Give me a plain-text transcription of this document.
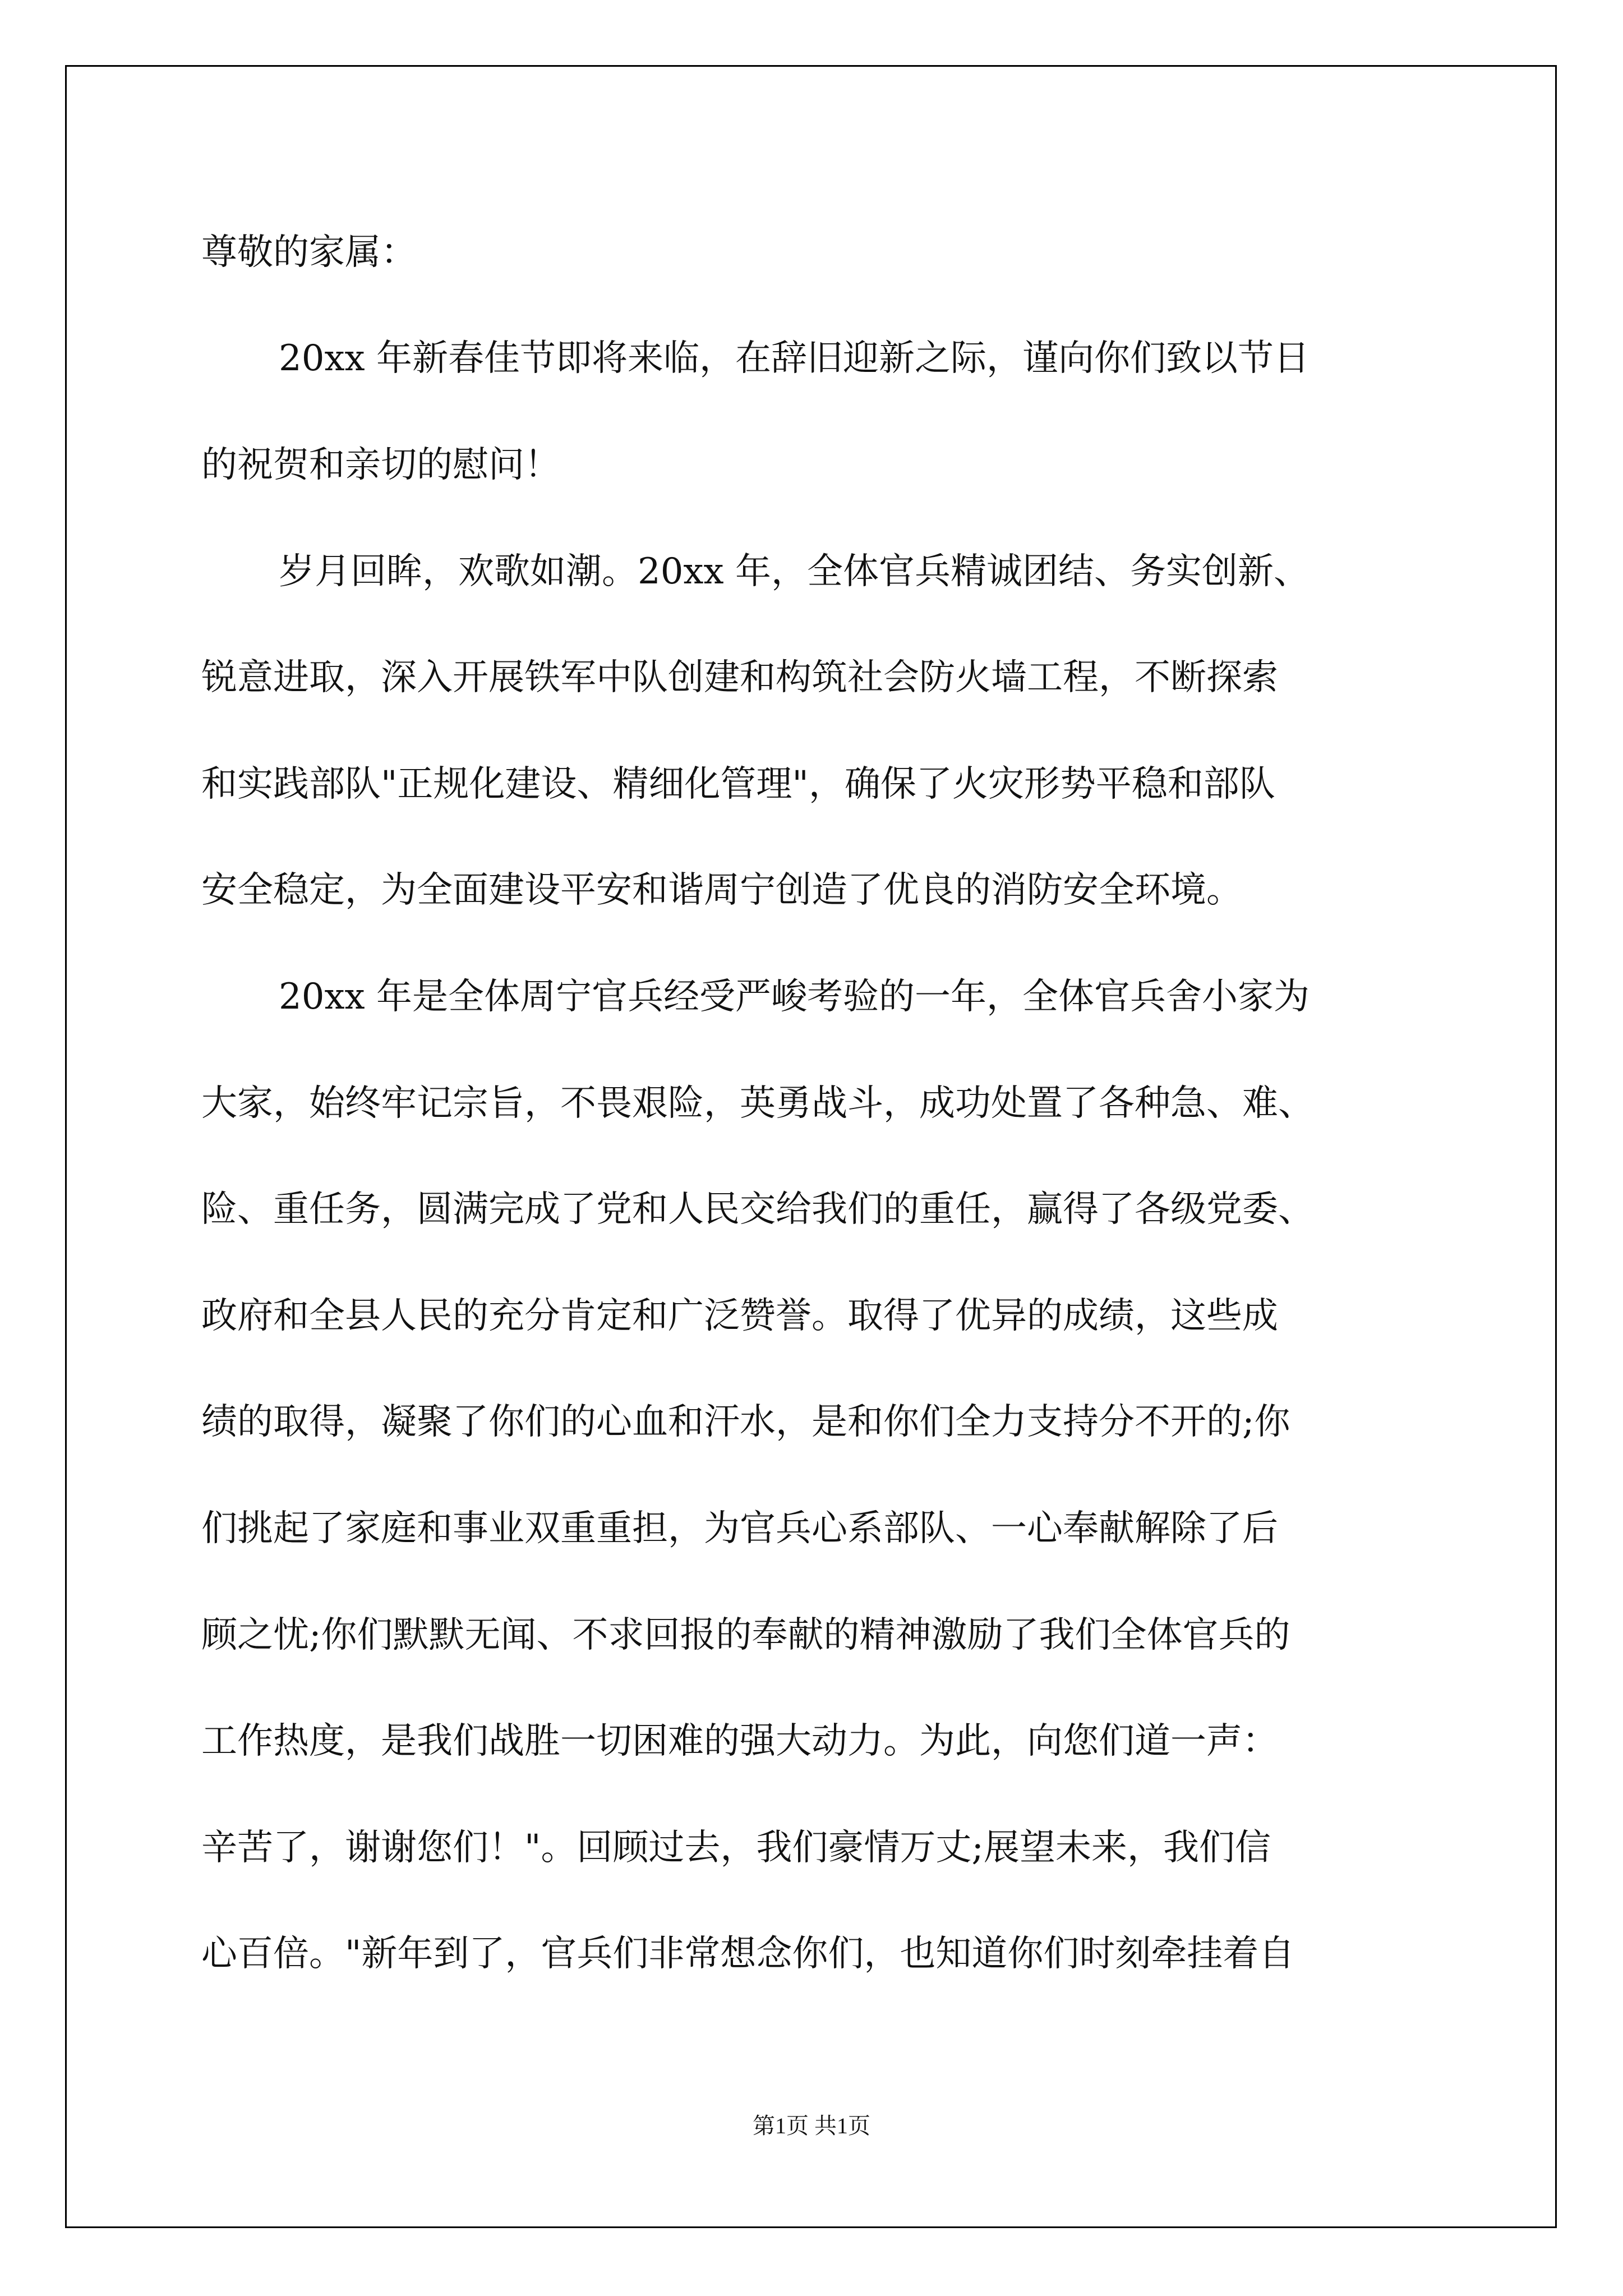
尊敬的家属：

20xx 年新春佳节即将来临，在辞旧迎新之际，谨向你们致以节日

的祝贺和亲切的慰问！

岁月回眸，欢歌如潮。20xx 年，全体官兵精诚团结、务实创新、

锐意进取，深入开展铁军中队创建和构筑社会防火墙工程，不断探索

和实践部队"正规化建设、精细化管理"，确保了火灾形势平稳和部队

安全稳定，为全面建设平安和谐周宁创造了优良的消防安全环境。

20xx 年是全体周宁官兵经受严峻考验的一年，全体官兵舍小家为

大家，始终牢记宗旨，不畏艰险，英勇战斗，成功处置了各种急、难、

险、重任务，圆满完成了党和人民交给我们的重任，赢得了各级党委、

政府和全县人民的充分肯定和广泛赞誉。取得了优异的成绩，这些成

绩的取得，凝聚了你们的心血和汗水，是和你们全力支持分不开的;你

们挑起了家庭和事业双重重担，为官兵心系部队、一心奉献解除了后

顾之忧;你们默默无闻、不求回报的奉献的精神激励了我们全体官兵的

工作热度，是我们战胜一切困难的强大动力。为此，向您们道一声：

辛苦了，谢谢您们！"。回顾过去，我们豪情万丈;展望未来，我们信

心百倍。"新年到了，官兵们非常想念你们，也知道你们时刻牵挂着自

第1页 共1页
